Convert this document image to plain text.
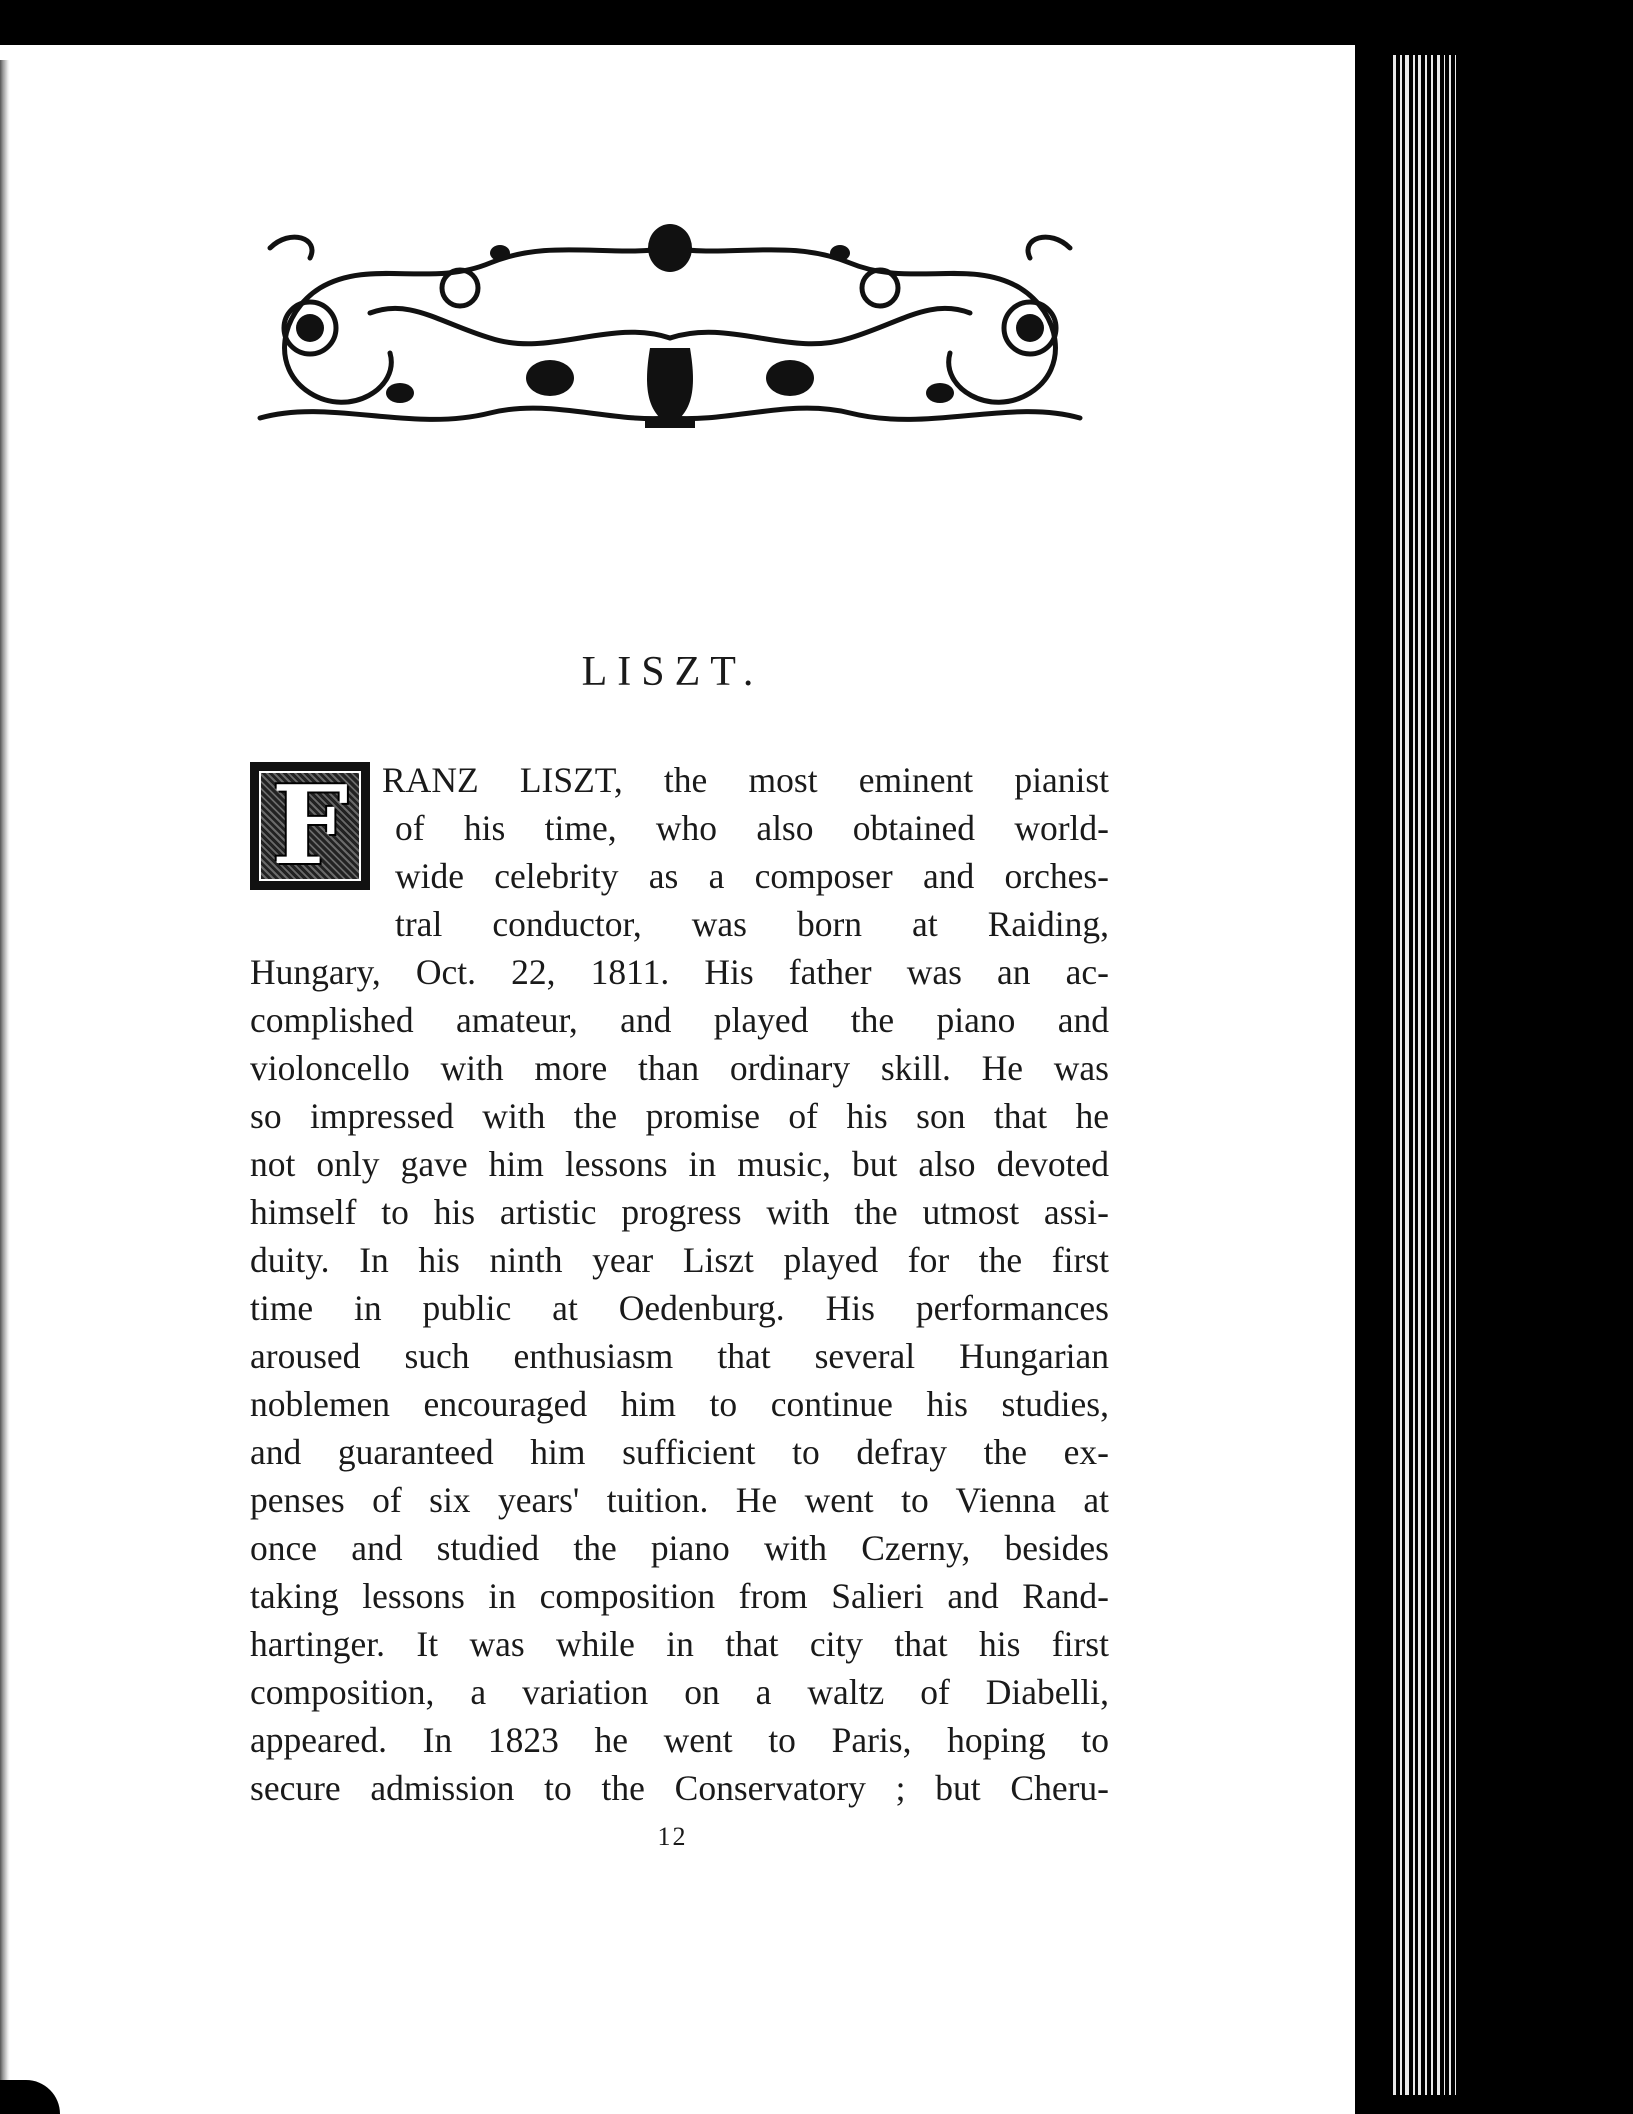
LISZT.
F RANZ LISZT, the most eminent pianist
of his time, who also obtained world-
wide celebrity as a composer and orches-
tral conductor, was born at Raiding,
Hungary, Oct. 22, 1811. His father was an ac-
complished amateur, and played the piano and
violoncello with more than ordinary skill. He was
so impressed with the promise of his son that he
not only gave him lessons in music, but also devoted
himself to his artistic progress with the utmost assi-
duity. In his ninth year Liszt played for the first
time in public at Oedenburg. His performances
aroused such enthusiasm that several Hungarian
noblemen encouraged him to continue his studies,
and guaranteed him sufficient to defray the ex-
penses of six years' tuition. He went to Vienna at
once and studied the piano with Czerny, besides
taking lessons in composition from Salieri and Rand-
hartinger. It was while in that city that his first
composition, a variation on a waltz of Diabelli,
appeared. In 1823 he went to Paris, hoping to
secure admission to the Conservatory ; but Cheru-
12
